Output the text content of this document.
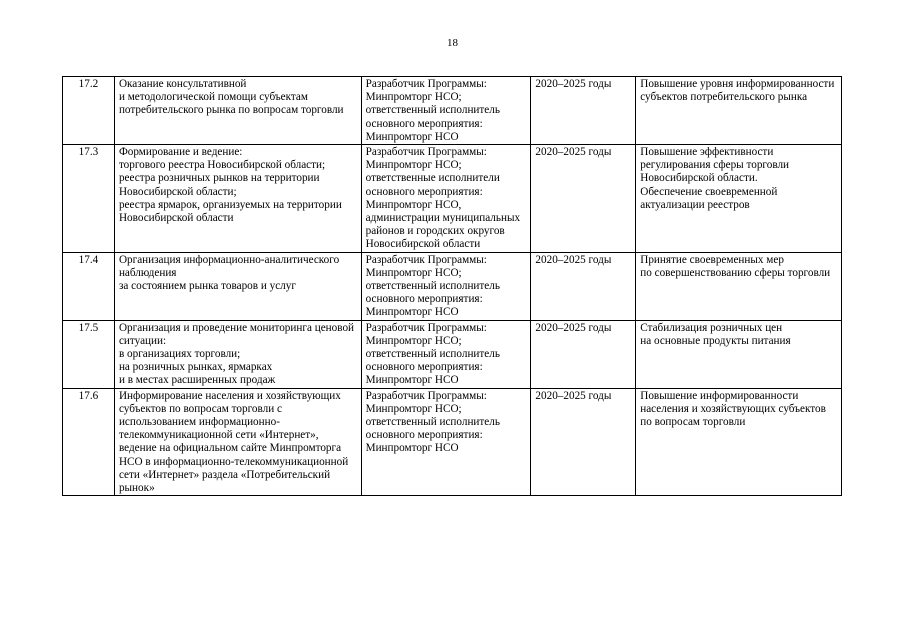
18
17.2	Оказание консультативной
и методологической помощи субъектам потребительского рынка по вопросам торговли	Разработчик Программы: Минпромторг НСО;
ответственный исполнитель основного мероприятия: Минпромторг НСО	2020–2025 годы	Повышение уровня информированности субъектов потребительского рынка
17.3	Формирование и ведение:
торгового реестра Новосибирской области;
реестра розничных рынков на территории Новосибирской области;
реестра ярмарок, организуемых на территории Новосибирской области	Разработчик Программы: Минпромторг НСО;
ответственные исполнители основного мероприятия: Минпромторг НСО, администрации муниципальных районов и городских округов Новосибирской области	2020–2025 годы	Повышение эффективности регулирования сферы торговли Новосибирской области.
Обеспечение своевременной актуализации реестров
17.4	Организация информационно-аналитического наблюдения
за состоянием рынка товаров и услуг	Разработчик Программы: Минпромторг НСО;
ответственный исполнитель основного мероприятия: Минпромторг НСО	2020–2025 годы	Принятие своевременных мер
по совершенствованию сферы торговли
17.5	Организация и проведение мониторинга ценовой ситуации:
в организациях торговли;
на розничных рынках, ярмарках
и в местах расширенных продаж	Разработчик Программы: Минпромторг НСО;
ответственный исполнитель основного мероприятия: Минпромторг НСО	2020–2025 годы	Стабилизация розничных цен
на основные продукты питания
17.6	Информирование населения и хозяйствующих субъектов по вопросам торговли с использованием информационно-телекоммуникационной сети «Интернет», ведение на официальном сайте Минпромторга НСО в информационно-телекоммуникационной сети «Интернет» раздела «Потребительский рынок»	Разработчик Программы: Минпромторг НСО;
ответственный исполнитель основного мероприятия: Минпромторг НСО	2020–2025 годы	Повышение информированности населения и хозяйствующих субъектов по вопросам торговли
